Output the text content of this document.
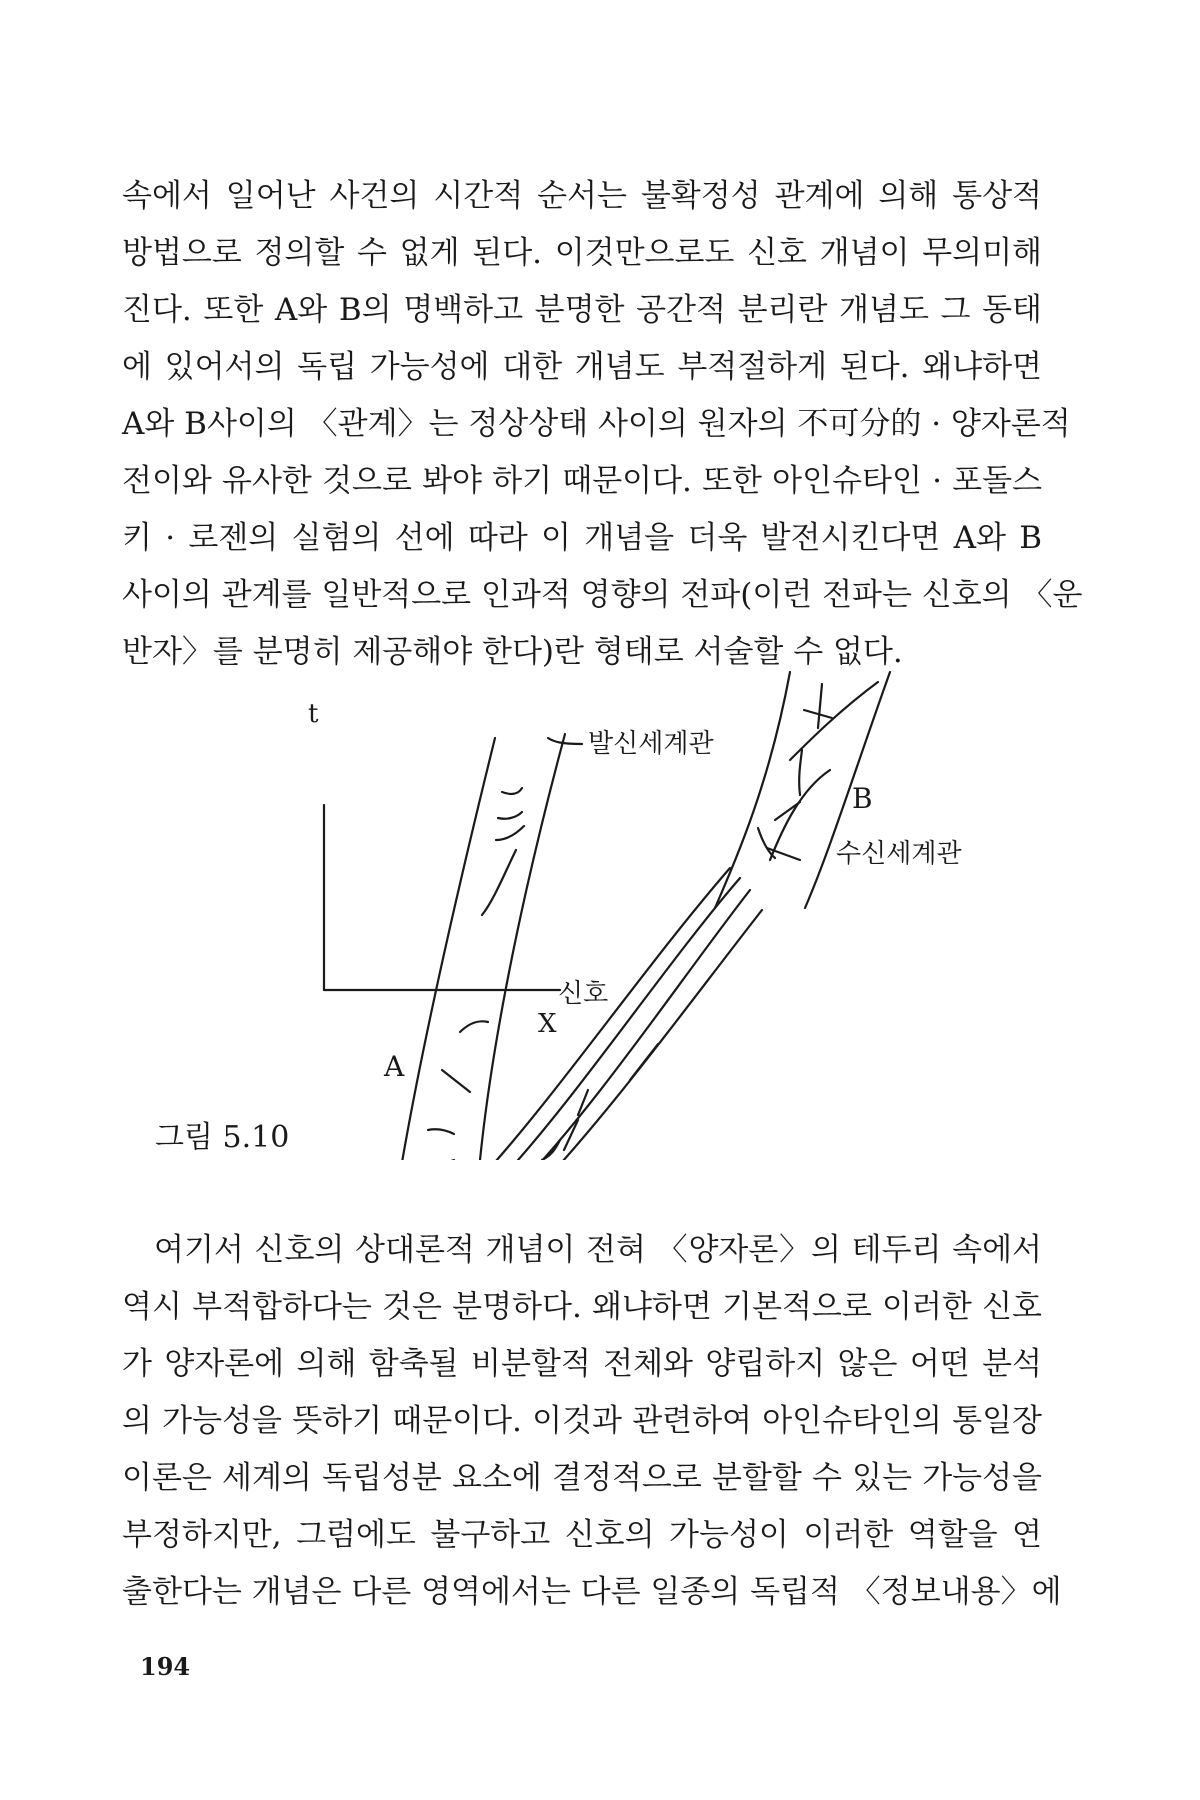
속에서 일어난 사건의 시간적 순서는 불확정성 관계에 의해 통상적
방법으로 정의할 수 없게 된다. 이것만으로도 신호 개념이 무의미해
진다. 또한 A와 B의 명백하고 분명한 공간적 분리란 개념도 그 동태
에 있어서의 독립 가능성에 대한 개념도 부적절하게 된다. 왜냐하면
A와 B사이의 〈관계〉는 정상상태 사이의 원자의 不可分的 · 양자론적
전이와 유사한 것으로 봐야 하기 때문이다. 또한 아인슈타인 · 포돌스
키 · 로젠의 실험의 선에 따라 이 개념을 더욱 발전시킨다면 A와 B
사이의 관계를 일반적으로 인과적 영향의 전파(이런 전파는 신호의 〈운
반자〉를 분명히 제공해야 한다)란 형태로 서술할 수 없다.
t
X
발신세계관
B
수신세계관
신호
A
그림 5.10
여기서 신호의 상대론적 개념이 전혀 〈양자론〉의 테두리 속에서
역시 부적합하다는 것은 분명하다. 왜냐하면 기본적으로 이러한 신호
가 양자론에 의해 함축될 비분할적 전체와 양립하지 않은 어떤 분석
의 가능성을 뜻하기 때문이다. 이것과 관련하여 아인슈타인의 통일장
이론은 세계의 독립성분 요소에 결정적으로 분할할 수 있는 가능성을
부정하지만, 그럼에도 불구하고 신호의 가능성이 이러한 역할을 연
출한다는 개념은 다른 영역에서는 다른 일종의 독립적 〈정보내용〉에
194
